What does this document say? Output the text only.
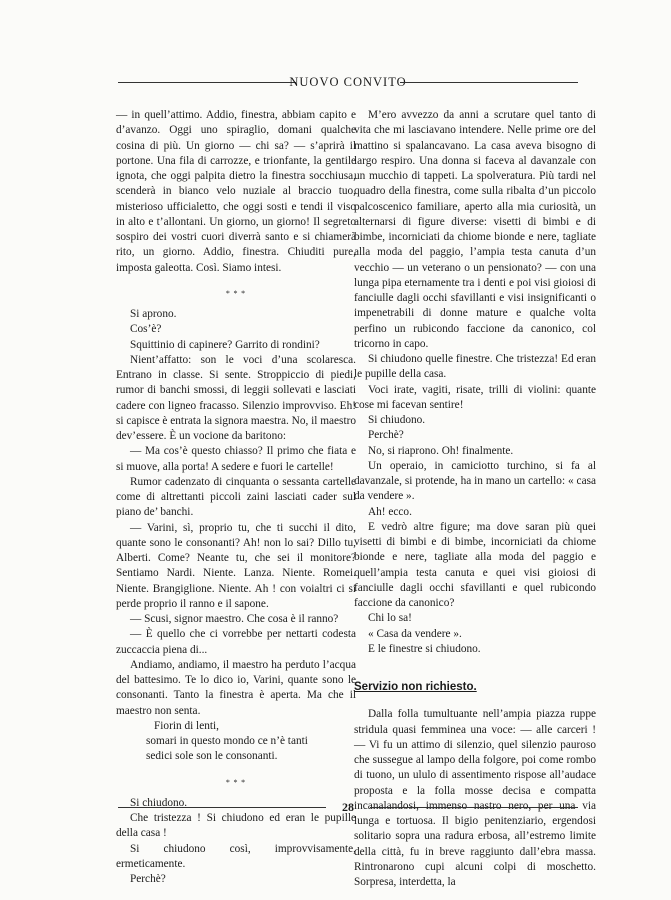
NUOVO CONVITO

— in quell’attimo. Addio, finestra, abbiam capito e d’avanzo. Oggi uno spiraglio, domani qualche cosina di più. Un giorno — chi sa? — s’aprirà il portone. Una fila di carrozze, e trionfante, la gentile ignota, che oggi palpita dietro la finestra socchiusa, scenderà in bianco velo nuziale al braccio tuo, misterioso ufficialetto, che oggi sosti e tendi il viso in alto e t’allontani. Un giorno, un giorno! Il segreto sospiro dei vostri cuori diverrà santo e si chiamerà rito, un giorno. Addio, finestra. Chiuditi pure, imposta galeotta. Così. Siamo intesi.

* * *

Si aprono.

Cos’è?

Squittinio di capinere? Garrito di rondini?

Nient’affatto: son le voci d’una scolaresca. Entrano in classe. Si sente. Stroppiccio di piedi, rumor di banchi smossi, di leggii sollevati e lasciati cadere con ligneo fracasso. Silenzio improvviso. Eh! si capisce è entrata la signora maestra. No, il maestro dev’essere. È un vocione da baritono:

— Ma cos’è questo chiasso? Il primo che fiata e si muove, alla porta! A sedere e fuori le cartelle!

Rumor cadenzato di cinquanta o sessanta cartelle come di altrettanti piccoli zaini lasciati cader sul piano de’ banchi.

— Varini, sì, proprio tu, che ti succhi il dito, quante sono le consonanti? Ah! non lo sai? Dillo tu, Alberti. Come? Neante tu, che sei il monitore? Sentiamo Nardi. Niente. Lanza. Niente. Romei. Niente. Brangiglione. Niente. Ah ! con voialtri ci si perde proprio il ranno e il sapone.

— Scusi, signor maestro. Che cosa è il ranno?

— È quello che ci vorrebbe per nettarti codesta zuccaccia piena di...

Andiamo, andiamo, il maestro ha perduto l’acqua del battesimo. Te lo dico io, Varini, quante sono le consonanti. Tanto la finestra è aperta. Ma che il maestro non senta.

Fiorin di lenti,

somari in questo mondo ce n’è tanti

sedici sole son le consonanti.

* * *

Si chiudono.

Che tristezza ! Si chiudono ed eran le pupille della casa !

Si chiudono così, improvvisamente, ermeticamente.

Perchè?

M’ero avvezzo da anni a scrutare quel tanto di vita che mi lasciavano intendere. Nelle prime ore del mattino si spalancavano. La casa aveva bisogno di largo respiro. Una donna si faceva al davanzale con un mucchio di tappeti. La spolveratura. Più tardi nel quadro della finestra, come sulla ribalta d’un piccolo palcoscenico familiare, aperto alla mia curiosità, un alternarsi di figure diverse: visetti di bimbi e di bimbe, incorniciati da chiome bionde e nere, tagliate alla moda del paggio, l’ampia testa canuta d’un vecchio — un veterano o un pensionato? — con una lunga pipa eternamente tra i denti e poi visi gioiosi di fanciulle dagli occhi sfavillanti e visi insignificanti o impenetrabili di donne mature e qualche volta perfino un rubicondo faccione da canonico, col tricorno in capo.

Si chiudono quelle finestre. Che tristezza! Ed eran le pupille della casa.

Voci irate, vagiti, risate, trilli di violini: quante cose mi facevan sentire!

Si chiudono.

Perchè?

No, si riaprono. Oh! finalmente.

Un operaio, in camiciotto turchino, si fa al davanzale, si protende, ha in mano un cartello: « casa da vendere ».

Ah! ecco.

E vedrò altre figure; ma dove saran più quei visetti di bimbi e di bimbe, incorniciati da chiome bionde e nere, tagliate alla moda del paggio e quell’ampia testa canuta e quei visi gioiosi di fanciulle dagli occhi sfavillanti e quel rubicondo faccione da canonico?

Chi lo sa!

« Casa da vendere ».

E le finestre si chiudono.

Servizio non richiesto.

Dalla folla tumultuante nell’ampia piazza ruppe stridula quasi femminea una voce: — alle carceri ! — Vi fu un attimo di silenzio, quel silenzio pauroso che sussegue al lampo della folgore, poi come rombo di tuono, un ululo di assentimento rispose all’audace proposta e la folla mosse decisa e compatta incanalandosi, immenso nastro nero, per una via lunga e tortuosa. Il bigio penitenziario, ergendosi solitario sopra una radura erbosa, all’estremo limite della città, fu in breve raggiunto dall’ebra massa. Rintronarono cupi alcuni colpi di moschetto. Sorpresa, interdetta, la

28
